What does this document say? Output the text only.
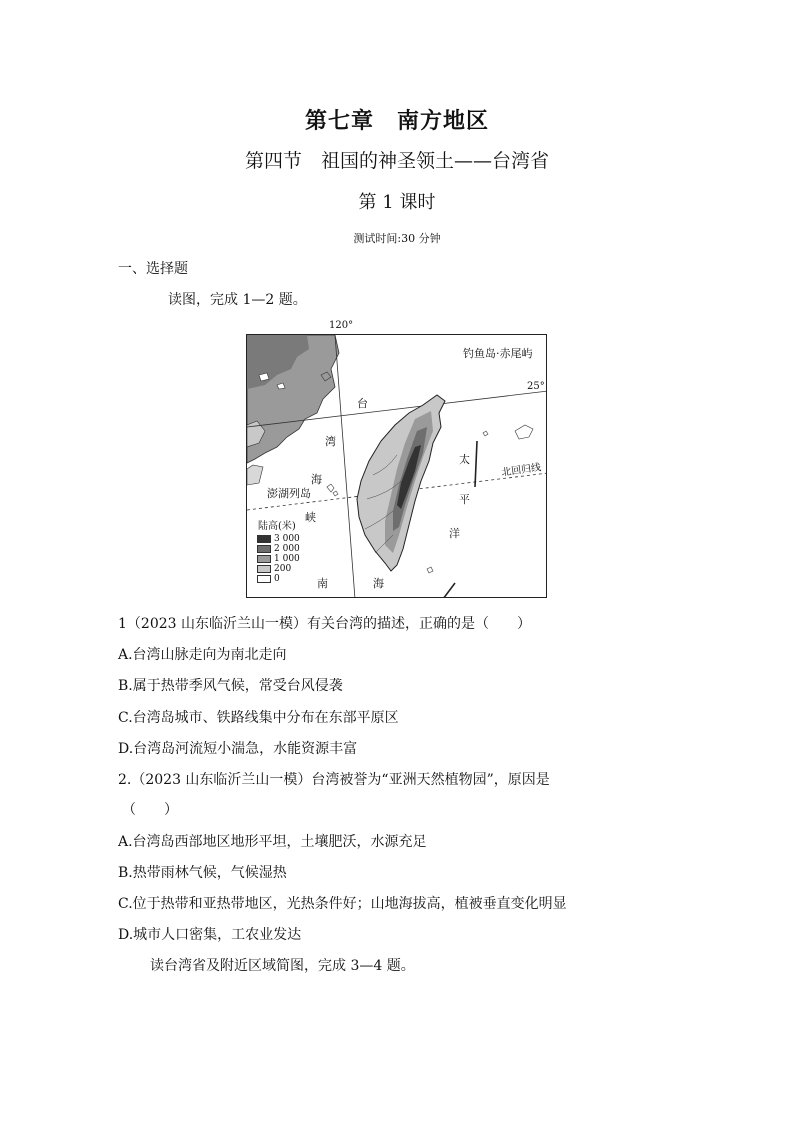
第七章　南方地区
第四节　祖国的神圣领土——台湾省
第 1 课时
测试时间:30 分钟
一、选择题
读图，完成 1—2 题。
120°
钓鱼岛·赤尾屿
台
湾
海
峡
澎湖列岛
太
平
洋
南	海
北回归线
25°
陆高(米)
3 000
2 000
1 000
200
0
1（2023 山东临沂兰山一模）有关台湾的描述，正确的是（　　）
A.台湾山脉走向为南北走向
B.属于热带季风气候，常受台风侵袭
C.台湾岛城市、铁路线集中分布在东部平原区
D.台湾岛河流短小湍急，水能资源丰富
2.（2023 山东临沂兰山一模）台湾被誉为“亚洲天然植物园”，原因是
（　　）
A.台湾岛西部地区地形平坦，土壤肥沃，水源充足
B.热带雨林气候，气候湿热
C.位于热带和亚热带地区，光热条件好；山地海拔高，植被垂直变化明显
D.城市人口密集，工农业发达
读台湾省及附近区域简图，完成 3—4 题。
